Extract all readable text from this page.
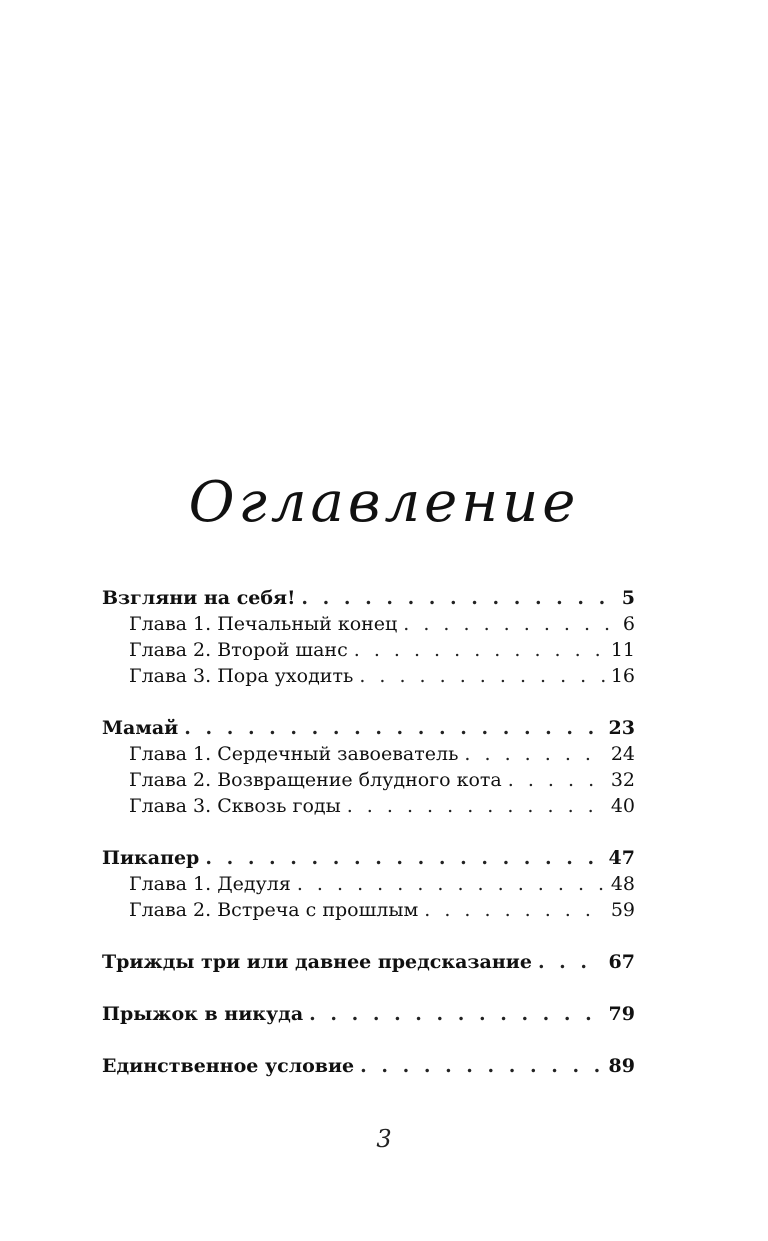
Оглавление
Взгляни на себя! . . .	5
Глава 1. Печальный конец . . .	6
Глава 2. Второй шанс . . .	11
Глава 3. Пора уходить . . .	16
Мамай . . .	23
Глава 1. Сердечный завоеватель . . .	24
Глава 2. Возвращение блудного кота . . .	32
Глава 3. Сквозь годы . . .	40
Пикапер . . .	47
Глава 1. Дедуля . . .	48
Глава 2. Встреча с прошлым . . .	59
Трижды три или давнее предсказание . . .	67
Прыжок в никуда . . .	79
Единственное условие . . .	89
3
